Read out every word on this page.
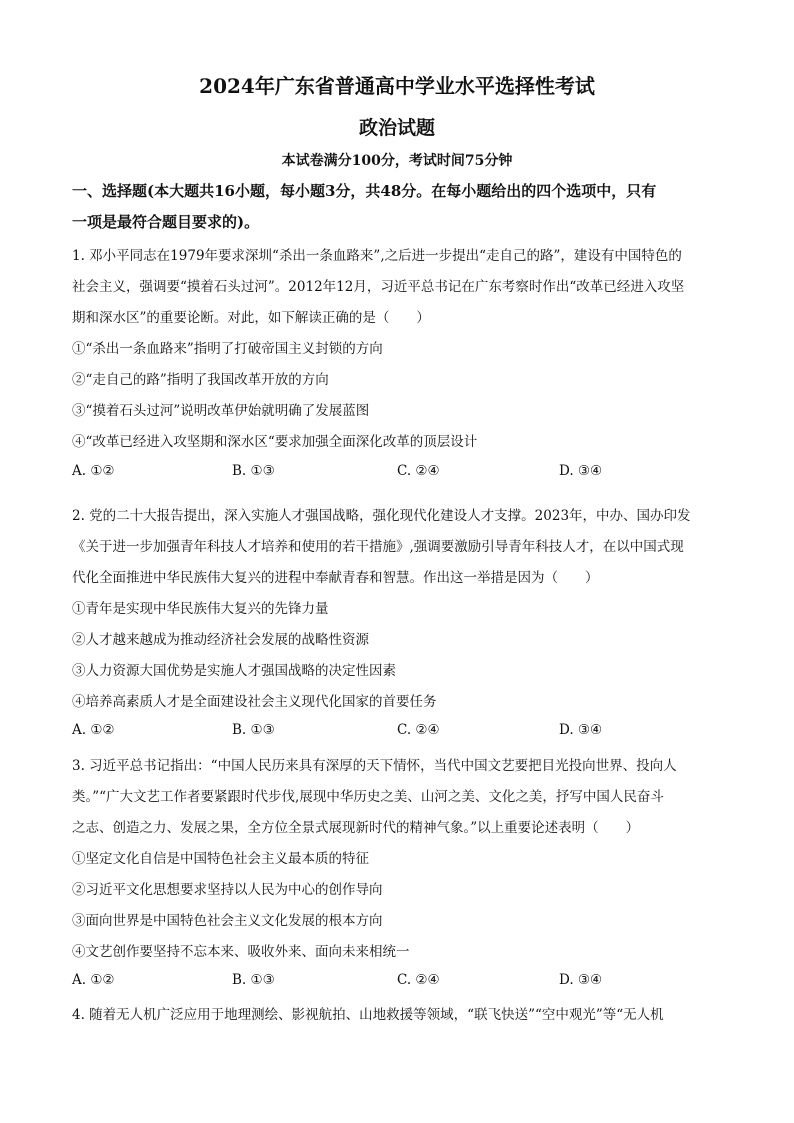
2024年广东省普通高中学业水平选择性考试
政治试题
本试卷满分100分，考试时间75分钟
一、选择题(本大题共16小题，每小题3分，共48分。在每小题给出的四个选项中，只有
一项是最符合题目要求的)。
1. 邓小平同志在1979年要求深圳“杀出一条血路来”,之后进一步提出“走自己的路”，建设有中国特色的
社会主义，强调要“摸着石头过河”。2012年12月，习近平总书记在广东考察时作出“改革已经进入攻坚
期和深水区”的重要论断。对此，如下解读正确的是（　　）
①“杀出一条血路来”指明了打破帝国主义封锁的方向
②“走自己的路”指明了我国改革开放的方向
③“摸着石头过河”说明改革伊始就明确了发展蓝图
④“改革已经进入攻坚期和深水区“要求加强全面深化改革的顶层设计
A. ①②	B. ①③	C. ②④	D. ③④
2. 党的二十大报告提出，深入实施人才强国战略，强化现代化建设人才支撑。2023年，中办、国办印发
《关于进一步加强青年科技人才培养和使用的若干措施》,强调要激励引导青年科技人才，在以中国式现
代化全面推进中华民族伟大复兴的进程中奉献青春和智慧。作出这一举措是因为（　　）
①青年是实现中华民族伟大复兴的先锋力量
②人才越来越成为推动经济社会发展的战略性资源
③人力资源大国优势是实施人才强国战略的决定性因素
④培养高素质人才是全面建设社会主义现代化国家的首要任务
A. ①②	B. ①③	C. ②④	D. ③④
3. 习近平总书记指出：“中国人民历来具有深厚的天下情怀，当代中国文艺要把目光投向世界、投向人
类。”“广大文艺工作者要紧跟时代步伐,展现中华历史之美、山河之美、文化之美，抒写中国人民奋斗
之志、创造之力、发展之果，全方位全景式展现新时代的精神气象。”以上重要论述表明（　　）
①坚定文化自信是中国特色社会主义最本质的特征
②习近平文化思想要求坚持以人民为中心的创作导向
③面向世界是中国特色社会主义文化发展的根本方向
④文艺创作要坚持不忘本来、吸收外来、面向未来相统一
A. ①②	B. ①③	C. ②④	D. ③④
4. 随着无人机广泛应用于地理测绘、影视航拍、山地救援等领域，“联飞快送”“空中观光”等“无人机
